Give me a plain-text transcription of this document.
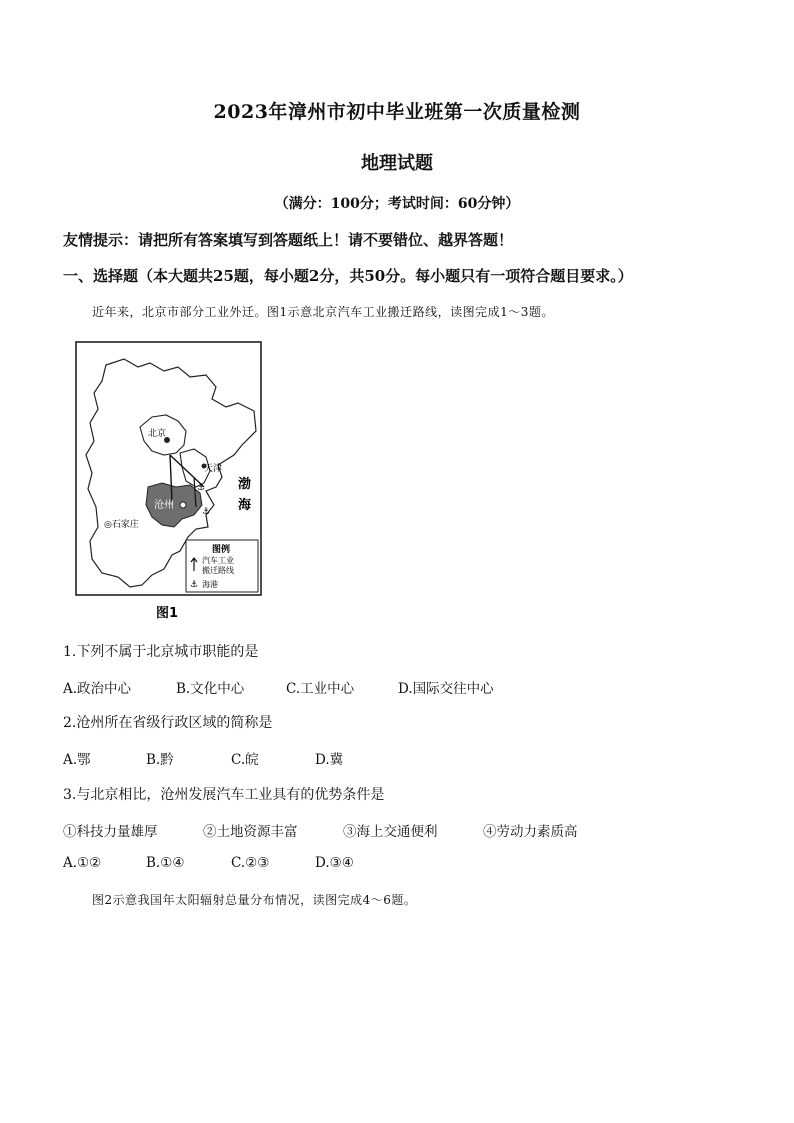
2023年漳州市初中毕业班第一次质量检测
地理试题
（满分：100分；考试时间：60分钟）
友情提示：请把所有答案填写到答题纸上！请不要错位、越界答题！
一、选择题（本大题共25题，每小题2分，共50分。每小题只有一项符合题目要求。）
近年来，北京市部分工业外迁。图1示意北京汽车工业搬迁路线，读图完成1～3题。
⚓
⚓
北京
天津
沧州
◎石家庄
渤
海
图例
汽车工业
搬迁路线
⚓ 海港
图1
1.下列不属于北京城市职能的是
A.政治中心	B.文化中心	C.工业中心	D.国际交往中心
2.沧州所在省级行政区域的简称是
A.鄂	B.黔	C.皖	D.冀
3.与北京相比，沧州发展汽车工业具有的优势条件是
①科技力量雄厚	②土地资源丰富	③海上交通便利	④劳动力素质高
A.①②	B.①④	C.②③	D.③④
图2示意我国年太阳辐射总量分布情况，读图完成4～6题。
